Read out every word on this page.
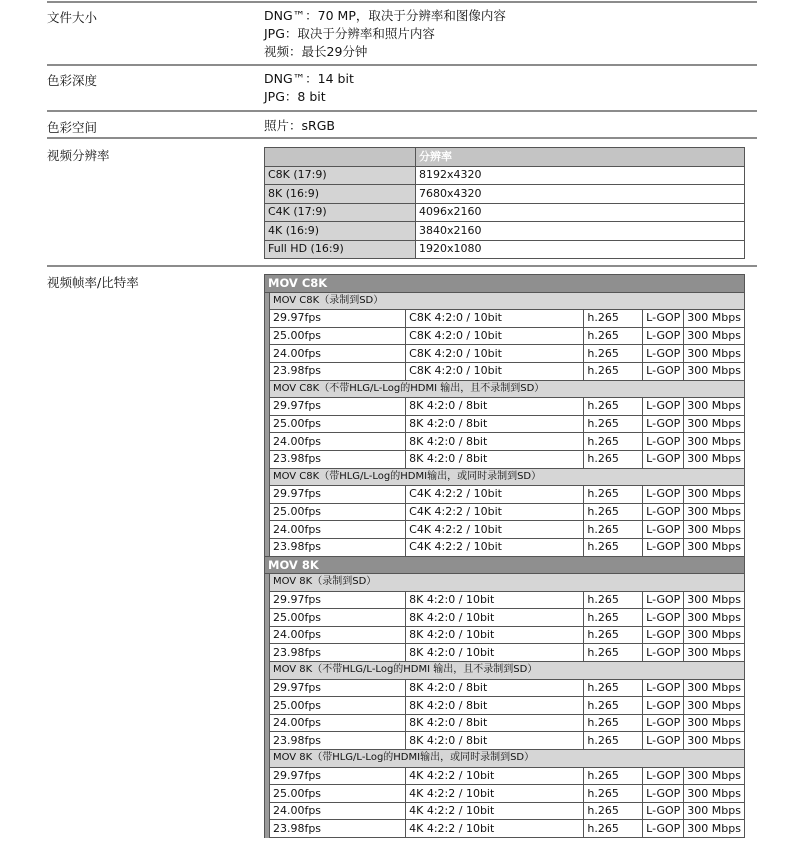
文件大小	DNG™：70 MP，取决于分辨率和图像内容
JPG：取决于分辨率和照片内容
视频：最长29分钟
色彩深度	DNG™：14 bit
JPG：8 bit
色彩空间	照片：sRGB
视频分辨率
		分辨率
C8K (17:9)	8192x4320
8K (16:9)	7680x4320
C4K (17:9)	4096x2160
4K (16:9)	3840x2160
Full HD (16:9)	1920x1080
视频帧率/比特率	MOV C8K					
	MOV C8K（录制到SD）				
	29.97fps	C8K 4:2:0 / 10bit	h.265	L-GOP	300 Mbps
	25.00fps	C8K 4:2:0 / 10bit	h.265	L-GOP	300 Mbps
	24.00fps	C8K 4:2:0 / 10bit	h.265	L-GOP	300 Mbps
	23.98fps	C8K 4:2:0 / 10bit	h.265	L-GOP	300 Mbps
	MOV C8K（不带HLG/L-Log的HDMI 输出，且不录制到SD）				
	29.97fps	8K 4:2:0 / 8bit	h.265	L-GOP	300 Mbps
	25.00fps	8K 4:2:0 / 8bit	h.265	L-GOP	300 Mbps
	24.00fps	8K 4:2:0 / 8bit	h.265	L-GOP	300 Mbps
	23.98fps	8K 4:2:0 / 8bit	h.265	L-GOP	300 Mbps
	MOV C8K（带HLG/L-Log的HDMI输出，或同时录制到SD）				
	29.97fps	C4K 4:2:2 / 10bit	h.265	L-GOP	300 Mbps
	25.00fps	C4K 4:2:2 / 10bit	h.265	L-GOP	300 Mbps
	24.00fps	C4K 4:2:2 / 10bit	h.265	L-GOP	300 Mbps
	23.98fps	C4K 4:2:2 / 10bit	h.265	L-GOP	300 Mbps
MOV 8K					
	MOV 8K（录制到SD）				
	29.97fps	8K 4:2:0 / 10bit	h.265	L-GOP	300 Mbps
	25.00fps	8K 4:2:0 / 10bit	h.265	L-GOP	300 Mbps
	24.00fps	8K 4:2:0 / 10bit	h.265	L-GOP	300 Mbps
	23.98fps	8K 4:2:0 / 10bit	h.265	L-GOP	300 Mbps
	MOV 8K（不带HLG/L-Log的HDMI 输出，且不录制到SD）				
	29.97fps	8K 4:2:0 / 8bit	h.265	L-GOP	300 Mbps
	25.00fps	8K 4:2:0 / 8bit	h.265	L-GOP	300 Mbps
	24.00fps	8K 4:2:0 / 8bit	h.265	L-GOP	300 Mbps
	23.98fps	8K 4:2:0 / 8bit	h.265	L-GOP	300 Mbps
	MOV 8K（带HLG/L-Log的HDMI输出，或同时录制到SD）				
	29.97fps	4K 4:2:2 / 10bit	h.265	L-GOP	300 Mbps
	25.00fps	4K 4:2:2 / 10bit	h.265	L-GOP	300 Mbps
	24.00fps	4K 4:2:2 / 10bit	h.265	L-GOP	300 Mbps
	23.98fps	4K 4:2:2 / 10bit	h.265	L-GOP	300 Mbps
